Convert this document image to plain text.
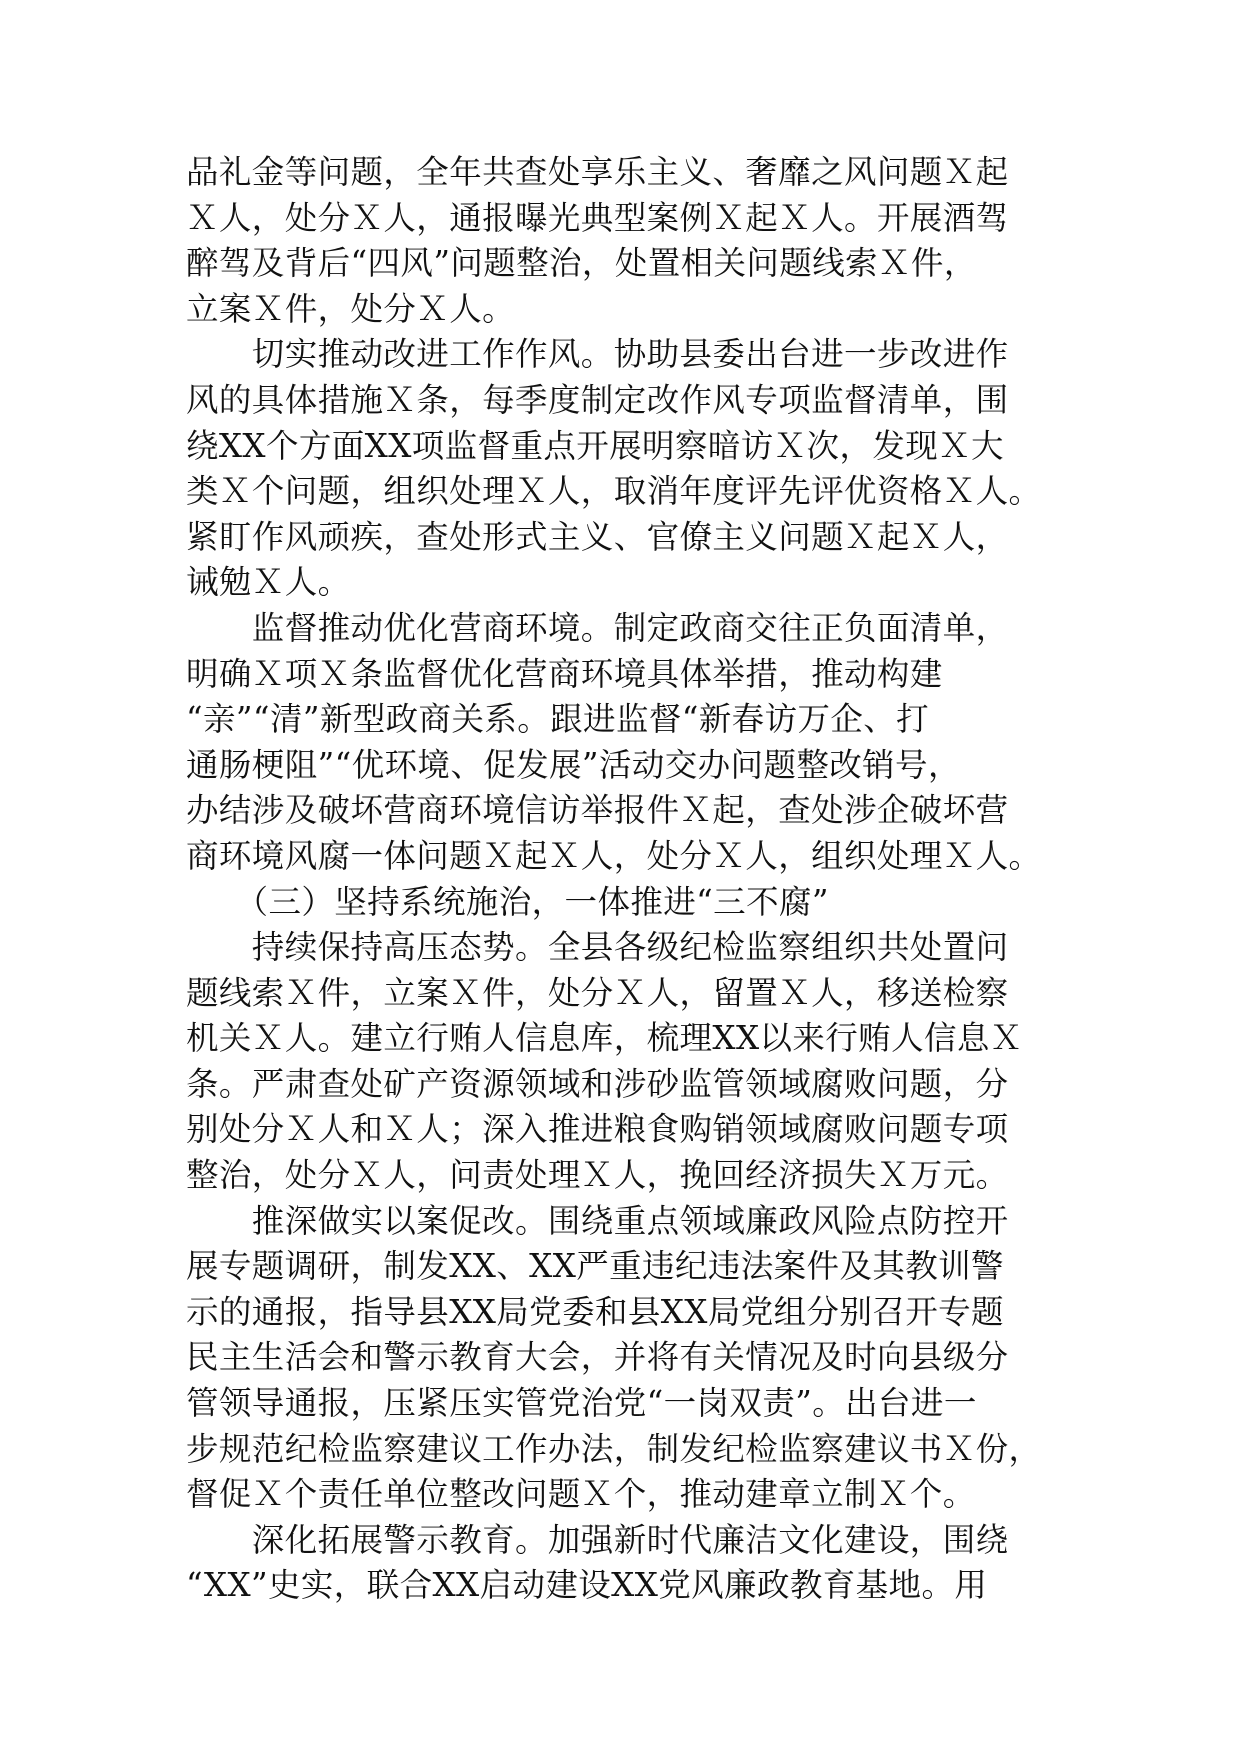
品礼金等问题，全年共查处享乐主义、奢靡之风问题Ｘ起
Ｘ人，处分Ｘ人，通报曝光典型案例Ｘ起Ｘ人。开展酒驾
醉驾及背后“四风”问题整治，处置相关问题线索Ｘ件，
立案Ｘ件，处分Ｘ人。
　　切实推动改进工作作风。协助县委出台进一步改进作
风的具体措施Ｘ条，每季度制定改作风专项监督清单，围
绕XX个方面XX项监督重点开展明察暗访Ｘ次，发现Ｘ大
类Ｘ个问题，组织处理Ｘ人，取消年度评先评优资格Ｘ人。
紧盯作风顽疾，查处形式主义、官僚主义问题Ｘ起Ｘ人，
诫勉Ｘ人。
　　监督推动优化营商环境。制定政商交往正负面清单，
明确Ｘ项Ｘ条监督优化营商环境具体举措，推动构建
“亲”“清”新型政商关系。跟进监督“新春访万企、打
通肠梗阻”“优环境、促发展”活动交办问题整改销号，
办结涉及破坏营商环境信访举报件Ｘ起，查处涉企破坏营
商环境风腐一体问题Ｘ起Ｘ人，处分Ｘ人，组织处理Ｘ人。
　　（三）坚持系统施治，一体推进“三不腐”
　　持续保持高压态势。全县各级纪检监察组织共处置问
题线索Ｘ件，立案Ｘ件，处分Ｘ人，留置Ｘ人，移送检察
机关Ｘ人。建立行贿人信息库，梳理XX以来行贿人信息Ｘ
条。严肃查处矿产资源领域和涉砂监管领域腐败问题，分
别处分Ｘ人和Ｘ人；深入推进粮食购销领域腐败问题专项
整治，处分Ｘ人，问责处理Ｘ人，挽回经济损失Ｘ万元。
　　推深做实以案促改。围绕重点领域廉政风险点防控开
展专题调研，制发XX、XX严重违纪违法案件及其教训警
示的通报，指导县XX局党委和县XX局党组分别召开专题
民主生活会和警示教育大会，并将有关情况及时向县级分
管领导通报，压紧压实管党治党“一岗双责”。出台进一
步规范纪检监察建议工作办法，制发纪检监察建议书Ｘ份，
督促Ｘ个责任单位整改问题Ｘ个，推动建章立制Ｘ个。
　　深化拓展警示教育。加强新时代廉洁文化建设，围绕
“XX”史实，联合XX启动建设XX党风廉政教育基地。用
